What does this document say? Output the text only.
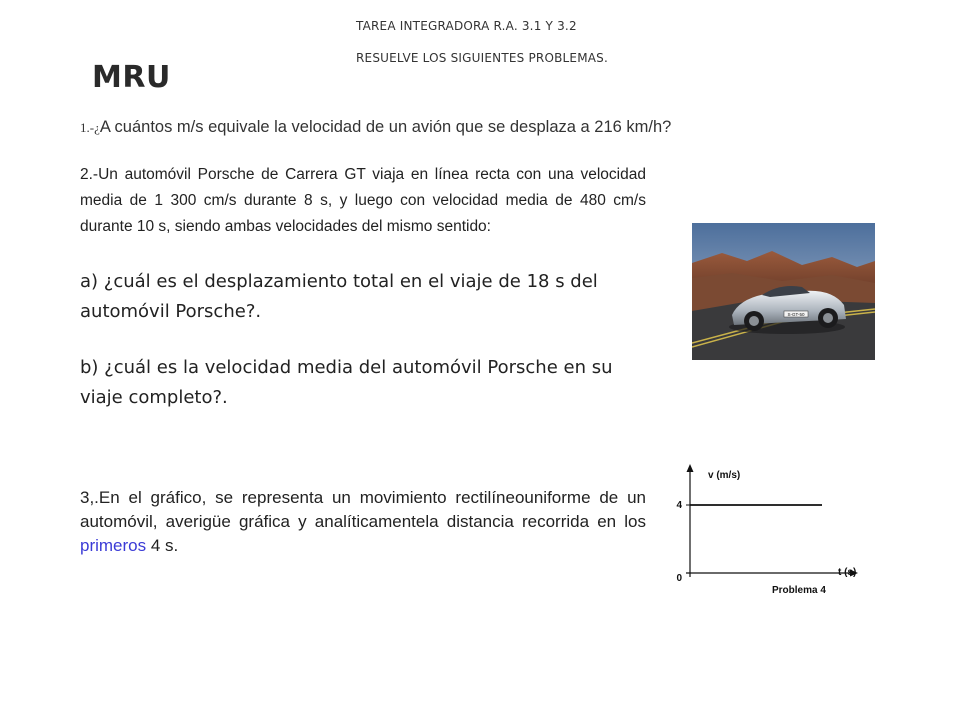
TAREA INTEGRADORA R.A. 3.1 Y 3.2
RESUELVE LOS SIGUIENTES PROBLEMAS.
MRU
1.-¿A cuántos m/s equivale la velocidad de un avión que se desplaza a 216 km/h?
2.-Un automóvil Porsche de Carrera GT viaja en línea recta con una velocidad media de 1 300 cm/s durante 8 s, y luego con velocidad media de 480 cm/s durante 10 s, siendo ambas velocidades del mismo sentido:
a) ¿cuál es el desplazamiento total en el viaje de 18 s del automóvil Porsche?.
b) ¿cuál es la velocidad media del automóvil Porsche en su viaje completo?.
S-GT-50
3,.En el gráfico, se representa un movimiento rectilíneouniforme de un automóvil, averigüe gráfica y analíticamentela distancia recorrida en los primeros 4 s.
v (m/s)
4
0
t (s)
Problema 4
